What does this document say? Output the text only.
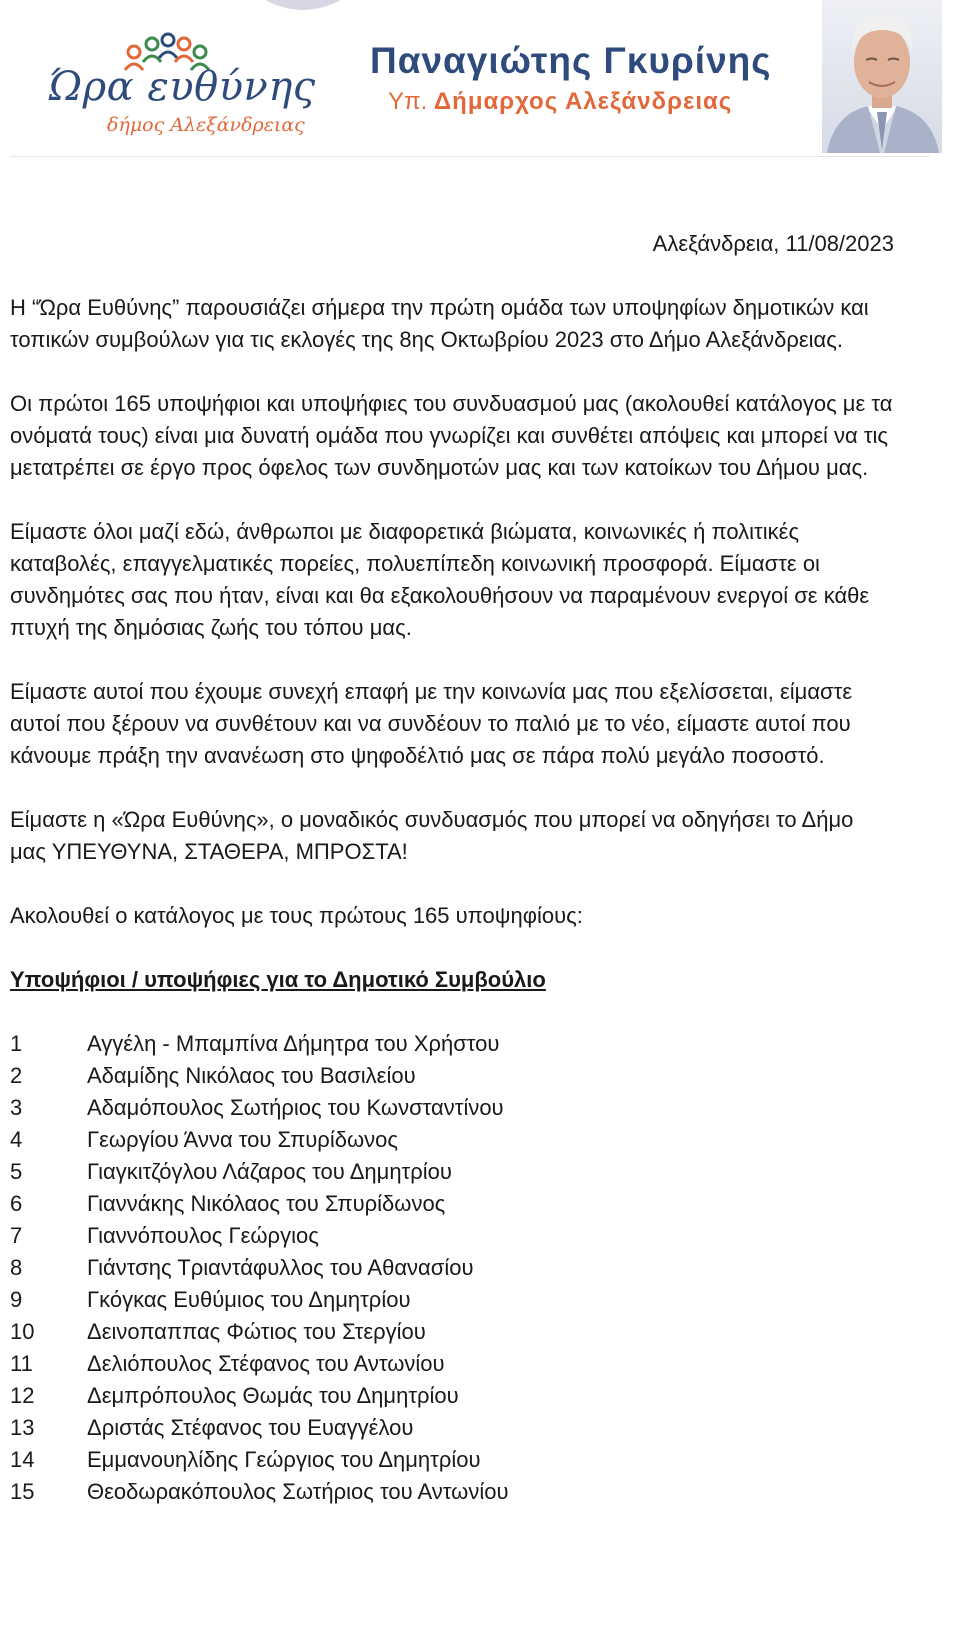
Ώρα ευθύνης
δήμος Αλεξάνδρειας
Παναγιώτης Γκυρίνης
Υπ. Δήμαρχος Αλεξάνδρειας

Αλεξάνδρεια, 11/08/2023

Η “Ώρα Ευθύνης” παρουσιάζει σήμερα την πρώτη ομάδα των υποψηφίων δημοτικών και τοπικών συμβούλων για τις εκλογές της 8ης Οκτωβρίου 2023 στο Δήμο Αλεξάνδρειας.

Οι πρώτοι 165 υποψήφιοι και υποψήφιες του συνδυασμού μας (ακολουθεί κατάλογος με τα ονόματά τους) είναι μια δυνατή ομάδα που γνωρίζει και συνθέτει απόψεις και μπορεί να τις μετατρέπει σε έργο προς όφελος των συνδημοτών μας και των κατοίκων του Δήμου μας.

Είμαστε όλοι μαζί εδώ, άνθρωποι με διαφορετικά βιώματα, κοινωνικές ή πολιτικές καταβολές, επαγγελματικές πορείες, πολυεπίπεδη κοινωνική προσφορά. Είμαστε οι συνδημότες σας που ήταν, είναι και θα εξακολουθήσουν να παραμένουν ενεργοί σε κάθε πτυχή της δημόσιας ζωής του τόπου μας.

Είμαστε αυτοί που έχουμε συνεχή επαφή με την κοινωνία μας που εξελίσσεται, είμαστε αυτοί που ξέρουν να συνθέτουν και να συνδέουν το παλιό με το νέο, είμαστε αυτοί που κάνουμε πράξη την ανανέωση στο ψηφοδέλτιό μας σε πάρα πολύ μεγάλο ποσοστό.

Είμαστε η «Ώρα Ευθύνης», ο μοναδικός συνδυασμός που μπορεί να οδηγήσει το Δήμο μας ΥΠΕΥΘΥΝΑ, ΣΤΑΘΕΡΑ, ΜΠΡΟΣΤΑ!

Ακολουθεί ο κατάλογος με τους πρώτους 165 υποψηφίους:

Υποψήφιοι / υποψήφιες για το Δημοτικό Συμβούλιο

1	Αγγέλη - Μπαμπίνα Δήμητρα του Χρήστου
2	Αδαμίδης Νικόλαος του Βασιλείου
3	Αδαμόπουλος Σωτήριος του Κωνσταντίνου
4	Γεωργίου Άννα του Σπυρίδωνος
5	Γιαγκιτζόγλου Λάζαρος του Δημητρίου
6	Γιαννάκης Νικόλαος του Σπυρίδωνος
7	Γιαννόπουλος Γεώργιος
8	Γιάντσης Τριαντάφυλλος του Αθανασίου
9	Γκόγκας Ευθύμιος του Δημητρίου
10	Δεινοπαππας Φώτιος του Στεργίου
11	Δελιόπουλος Στέφανος του Αντωνίου
12	Δεμπρόπουλος Θωμάς του Δημητρίου
13	Δριστάς Στέφανος του Ευαγγέλου
14	Εμμανουηλίδης Γεώργιος του Δημητρίου
15	Θεοδωρακόπουλος Σωτήριος του Αντωνίου
